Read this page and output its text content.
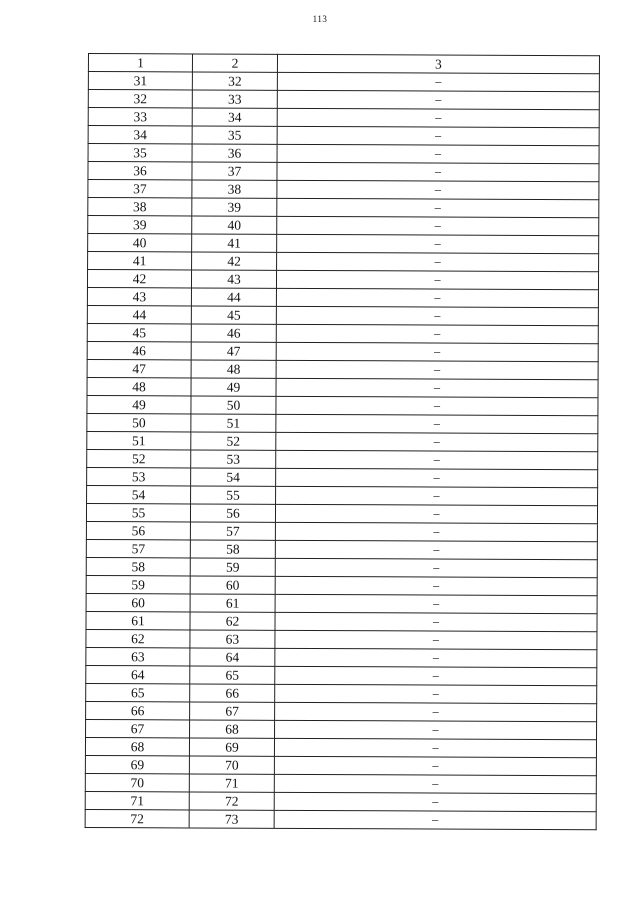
113
1	2	3
31	32	–
32	33	–
33	34	–
34	35	–
35	36	–
36	37	–
37	38	–
38	39	–
39	40	–
40	41	–
41	42	–
42	43	–
43	44	–
44	45	–
45	46	–
46	47	–
47	48	–
48	49	–
49	50	–
50	51	–
51	52	–
52	53	–
53	54	–
54	55	–
55	56	–
56	57	–
57	58	–
58	59	–
59	60	–
60	61	–
61	62	–
62	63	–
63	64	–
64	65	–
65	66	–
66	67	–
67	68	–
68	69	–
69	70	–
70	71	–
71	72	–
72	73	–
